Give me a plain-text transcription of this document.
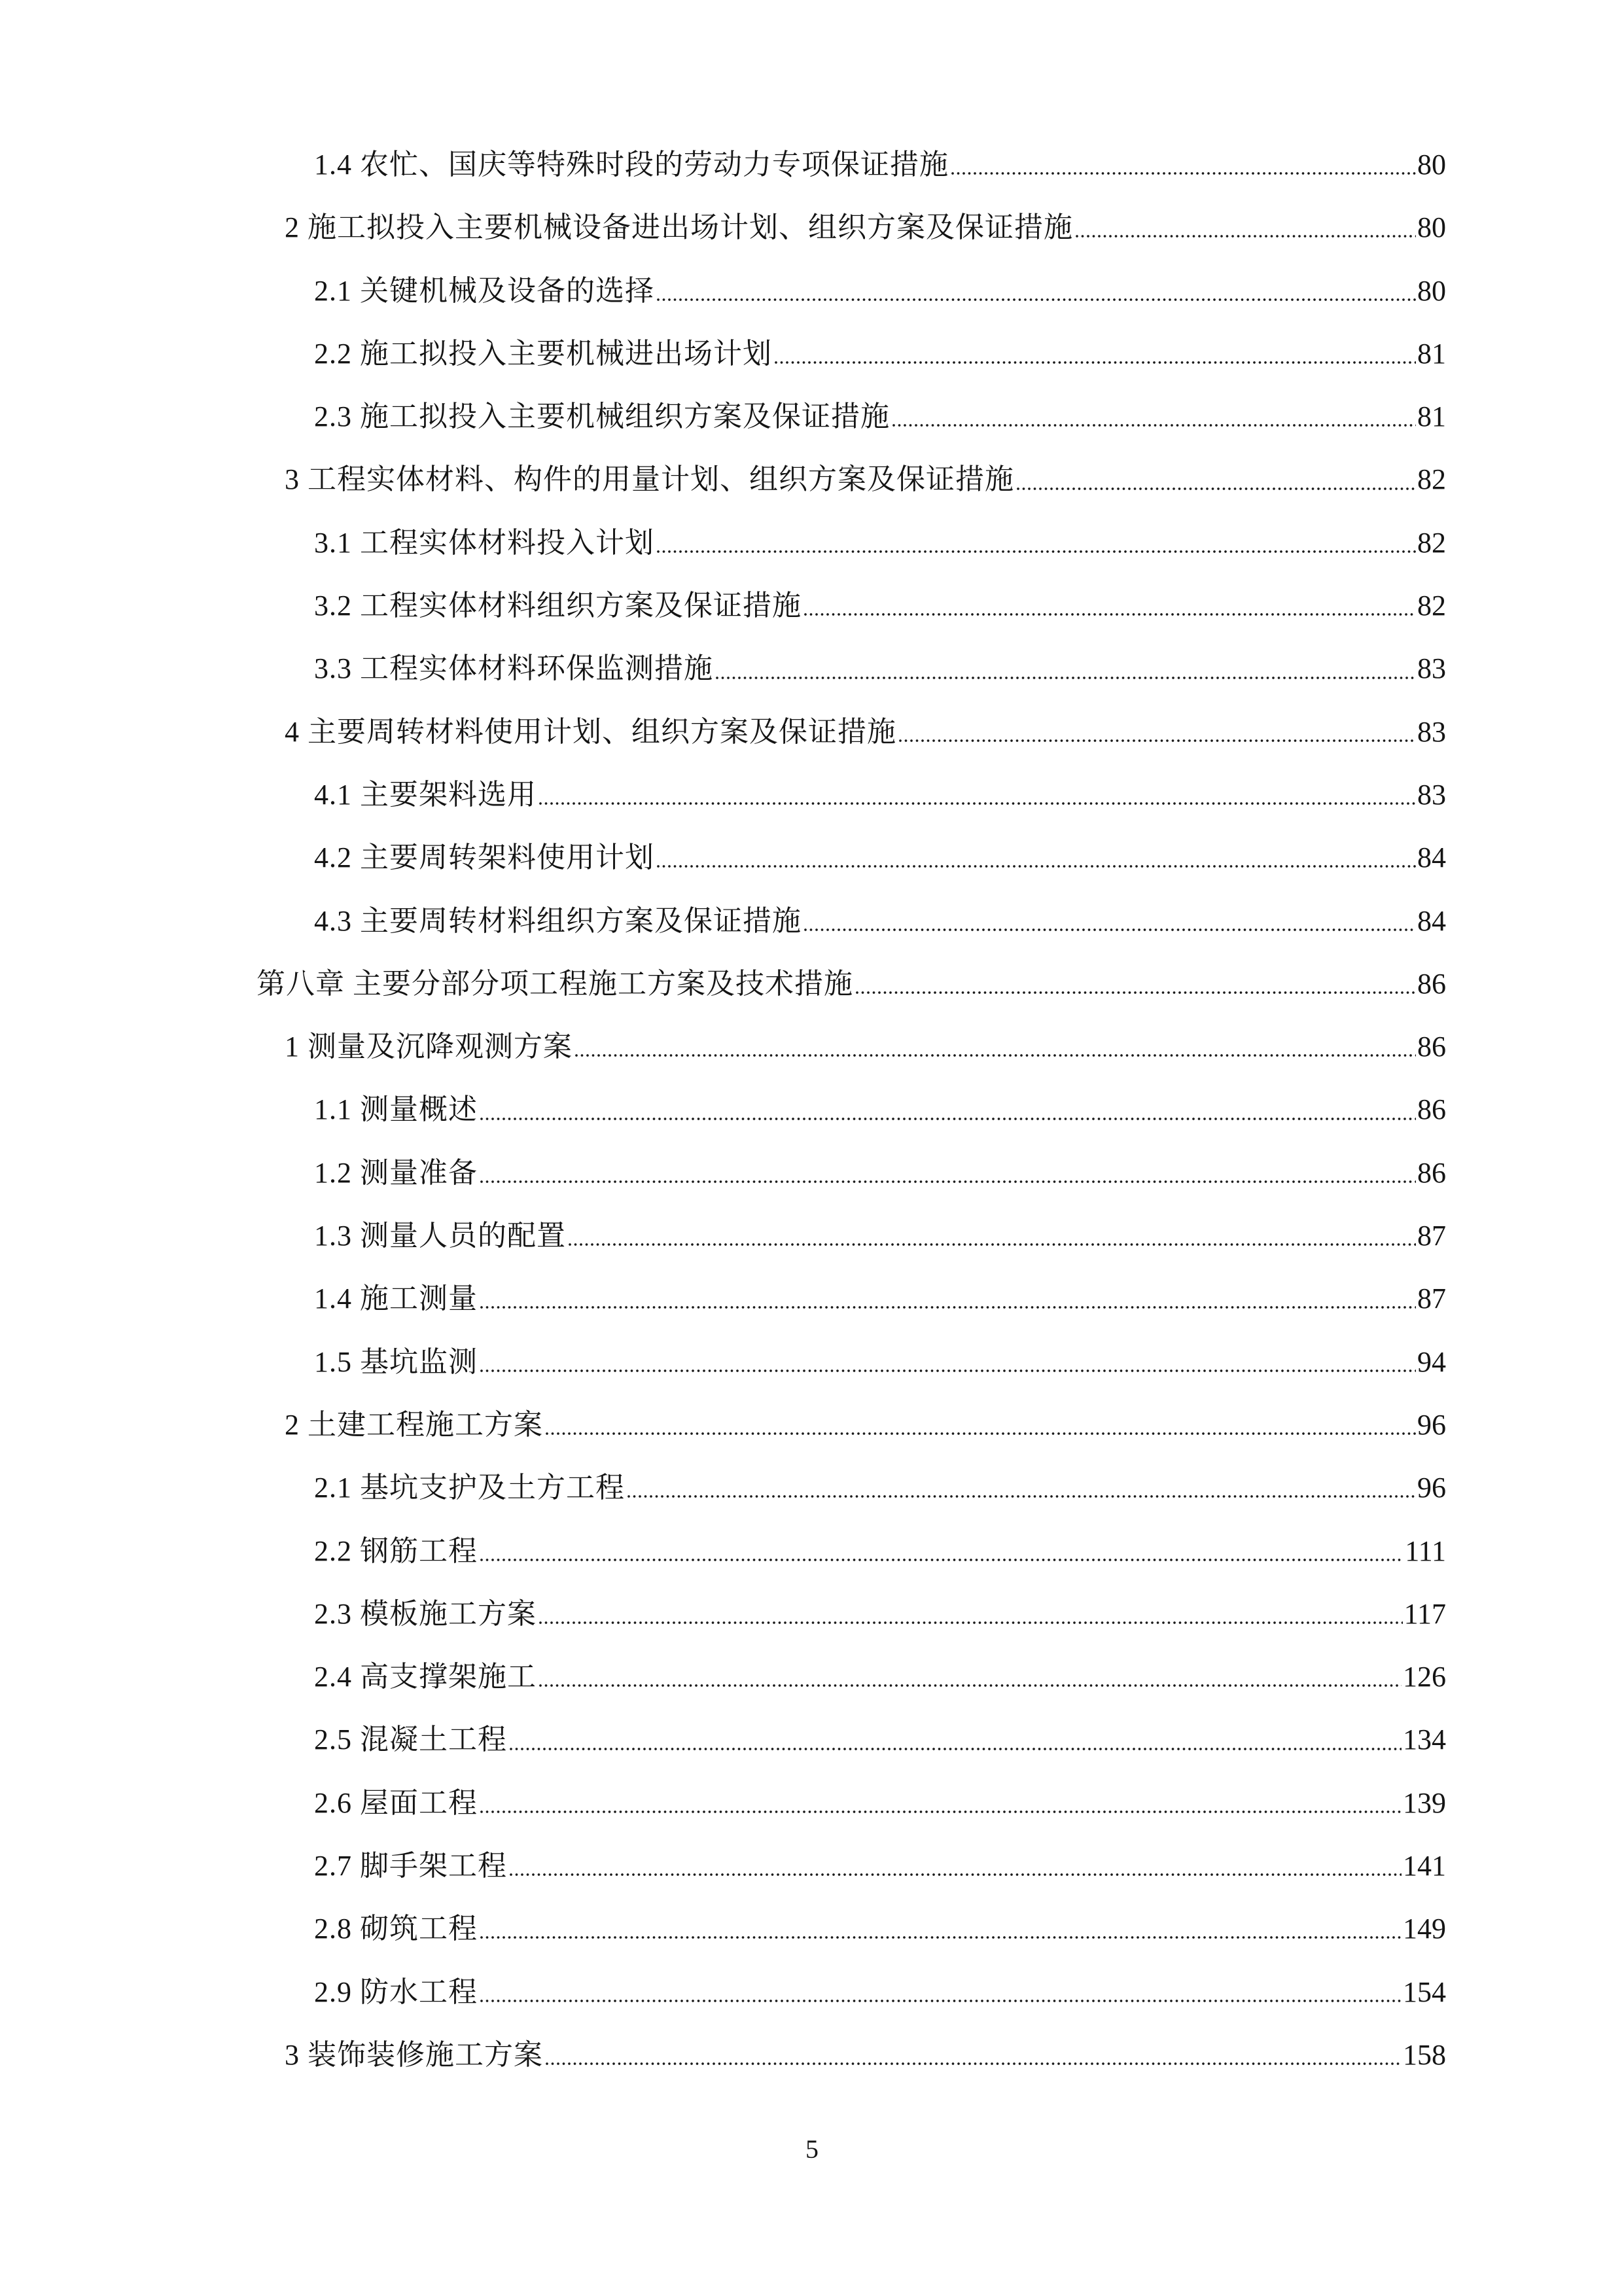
1.4 农忙、国庆等特殊时段的劳动力专项保证措施	80
2 施工拟投入主要机械设备进出场计划、组织方案及保证措施	80
2.1 关键机械及设备的选择	80
2.2 施工拟投入主要机械进出场计划	81
2.3 施工拟投入主要机械组织方案及保证措施	81
3 工程实体材料、构件的用量计划、组织方案及保证措施	82
3.1 工程实体材料投入计划	82
3.2 工程实体材料组织方案及保证措施	82
3.3 工程实体材料环保监测措施	83
4 主要周转材料使用计划、组织方案及保证措施	83
4.1 主要架料选用	83
4.2 主要周转架料使用计划	84
4.3 主要周转材料组织方案及保证措施	84
第八章 主要分部分项工程施工方案及技术措施	86
1 测量及沉降观测方案	86
1.1 测量概述	86
1.2 测量准备	86
1.3 测量人员的配置	87
1.4 施工测量	87
1.5 基坑监测	94
2 土建工程施工方案	96
2.1 基坑支护及土方工程	96
2.2 钢筋工程	111
2.3 模板施工方案	117
2.4 高支撑架施工	126
2.5 混凝土工程	134
2.6 屋面工程	139
2.7 脚手架工程	141
2.8 砌筑工程	149
2.9 防水工程	154
3 装饰装修施工方案	158
5
